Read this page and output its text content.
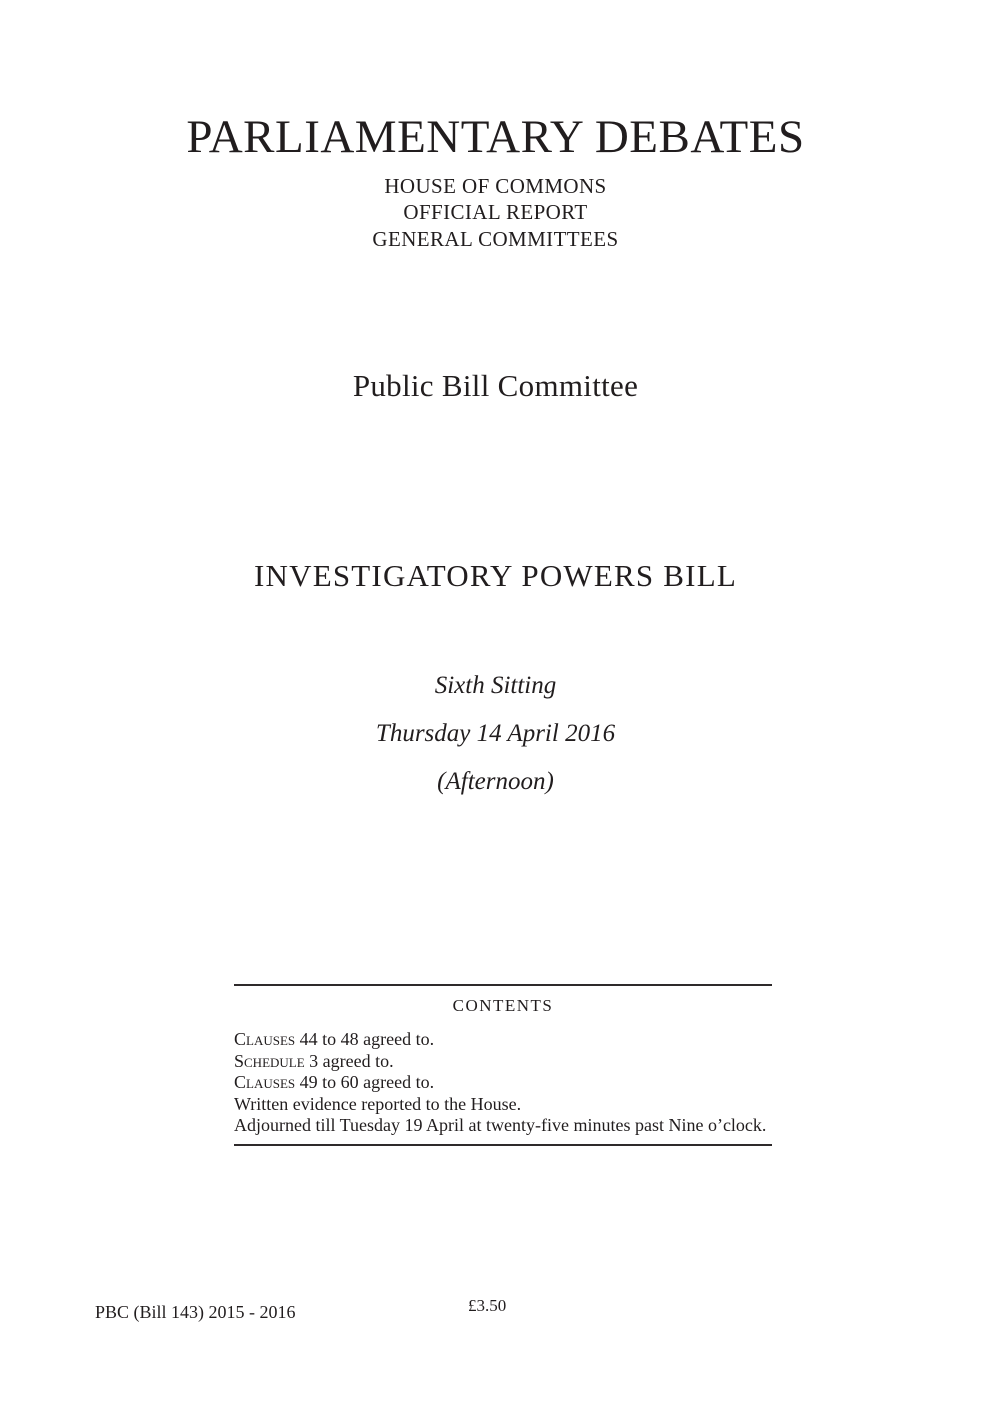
PARLIAMENTARY DEBATES
HOUSE OF COMMONS
OFFICIAL REPORT
GENERAL COMMITTEES
Public Bill Committee
INVESTIGATORY POWERS BILL
Sixth Sitting
Thursday 14 April 2016
(Afternoon)
CONTENTS
Clauses 44 to 48 agreed to.
Schedule 3 agreed to.
Clauses 49 to 60 agreed to.
Written evidence reported to the House.
Adjourned till Tuesday 19 April at twenty-five minutes past Nine o’clock.
PBC (Bill 143) 2015 - 2016	£3.50
